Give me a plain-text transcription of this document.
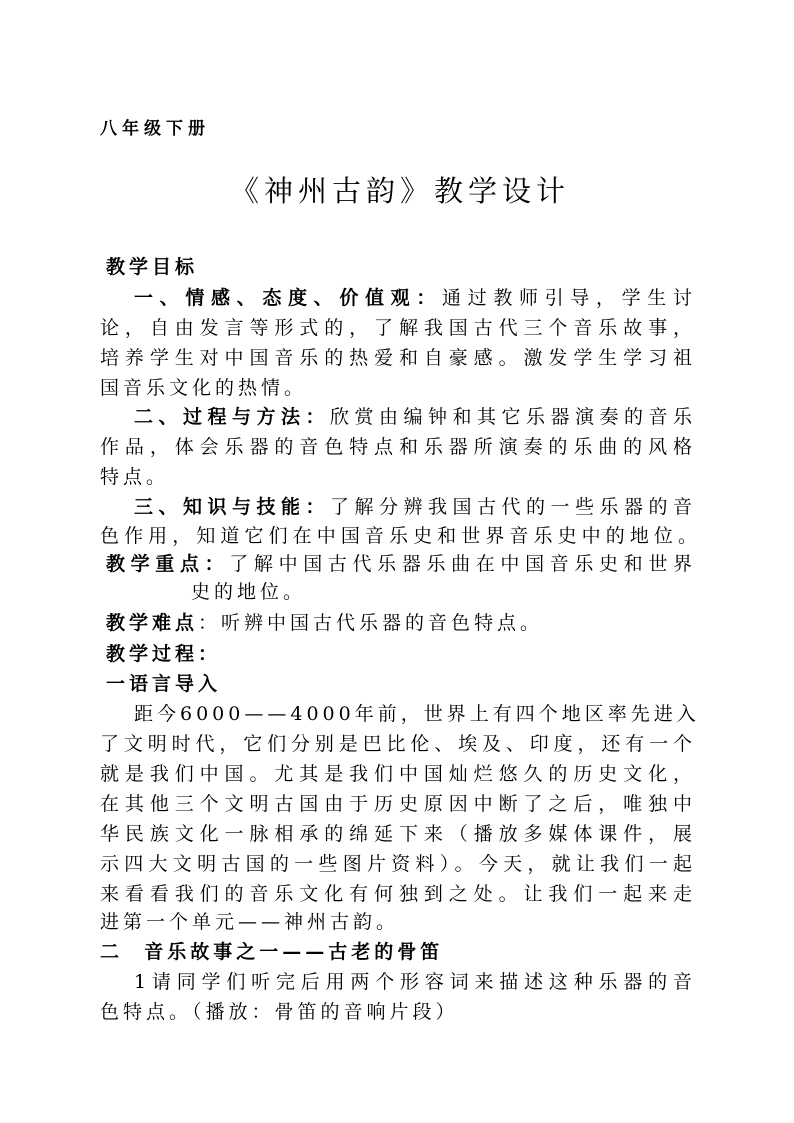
八年级下册
《神州古韵》教学设计
教学目标
一、情感、态度、价值观：通过教师引导，学生讨
论，自由发言等形式的，了解我国古代三个音乐故事，
培养学生对中国音乐的热爱和自豪感。激发学生学习祖
国音乐文化的热情。
二、过程与方法：欣赏由编钟和其它乐器演奏的音乐
作品，体会乐器的音色特点和乐器所演奏的乐曲的风格
特点。
三、知识与技能：了解分辨我国古代的一些乐器的音
色作用，知道它们在中国音乐史和世界音乐史中的地位。
教学重点：了解中国古代乐器乐曲在中国音乐史和世界
史的地位。
教学难点：听辨中国古代乐器的音色特点。
教学过程：
一语言导入
距今6000——4000年前，世界上有四个地区率先进入
了文明时代，它们分别是巴比伦、埃及、印度，还有一个
就是我们中国。尤其是我们中国灿烂悠久的历史文化，
在其他三个文明古国由于历史原因中断了之后，唯独中
华民族文化一脉相承的绵延下来（播放多媒体课件，展
示四大文明古国的一些图片资料）。今天，就让我们一起
来看看我们的音乐文化有何独到之处。让我们一起来走
进第一个单元——神州古韵。
二  音乐故事之一——古老的骨笛
1请同学们听完后用两个形容词来描述这种乐器的音
色特点。（播放：骨笛的音响片段）
